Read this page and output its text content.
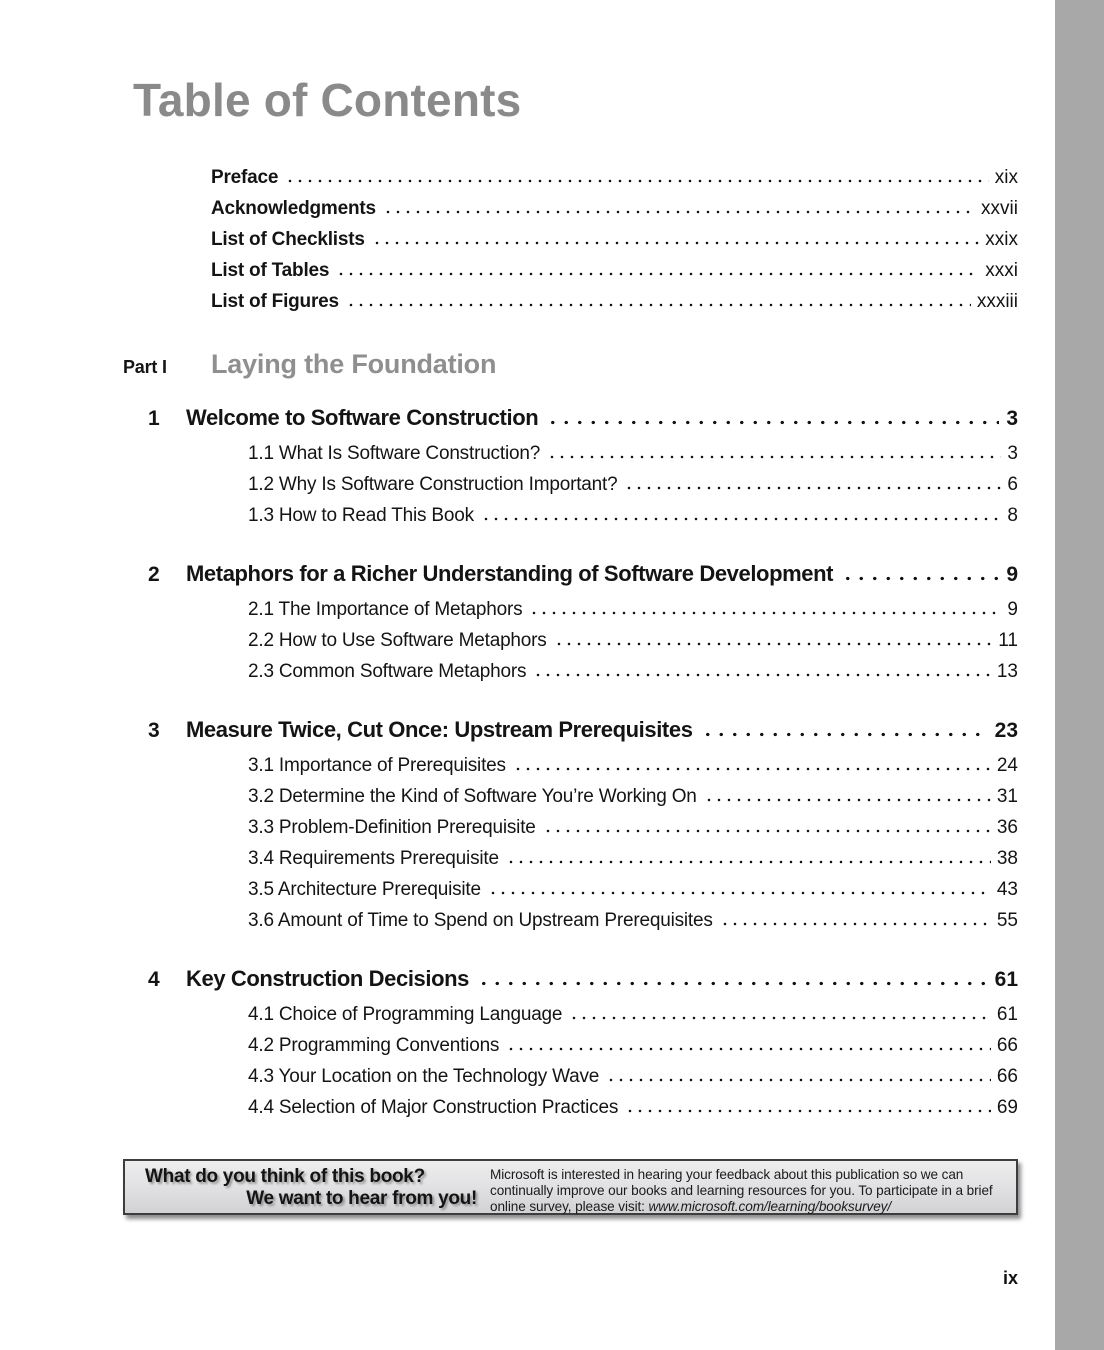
Table of Contents
Preface	xix
Acknowledgments	xxvii
List of Checklists	xxix
List of Tables	xxxi
List of Figures	xxxiii
Part I	Laying the Foundation
1	Welcome to Software Construction	3
1.1 What Is Software Construction?	3
1.2 Why Is Software Construction Important?	6
1.3 How to Read This Book	8
2	Metaphors for a Richer Understanding of Software Development	9
2.1 The Importance of Metaphors	9
2.2 How to Use Software Metaphors	11
2.3 Common Software Metaphors	13
3	Measure Twice, Cut Once: Upstream Prerequisites	23
3.1 Importance of Prerequisites	24
3.2 Determine the Kind of Software You’re Working On	31
3.3 Problem-Definition Prerequisite	36
3.4 Requirements Prerequisite	38
3.5 Architecture Prerequisite	43
3.6 Amount of Time to Spend on Upstream Prerequisites	55
4	Key Construction Decisions	61
4.1 Choice of Programming Language	61
4.2 Programming Conventions	66
4.3 Your Location on the Technology Wave	66
4.4 Selection of Major Construction Practices	69
What do you think of this book?
We want to hear from you!
Microsoft is interested in hearing your feedback about this publication so we can continually improve our books and learning resources for you. To participate in a brief online survey, please visit: www.microsoft.com/learning/booksurvey/
ix
